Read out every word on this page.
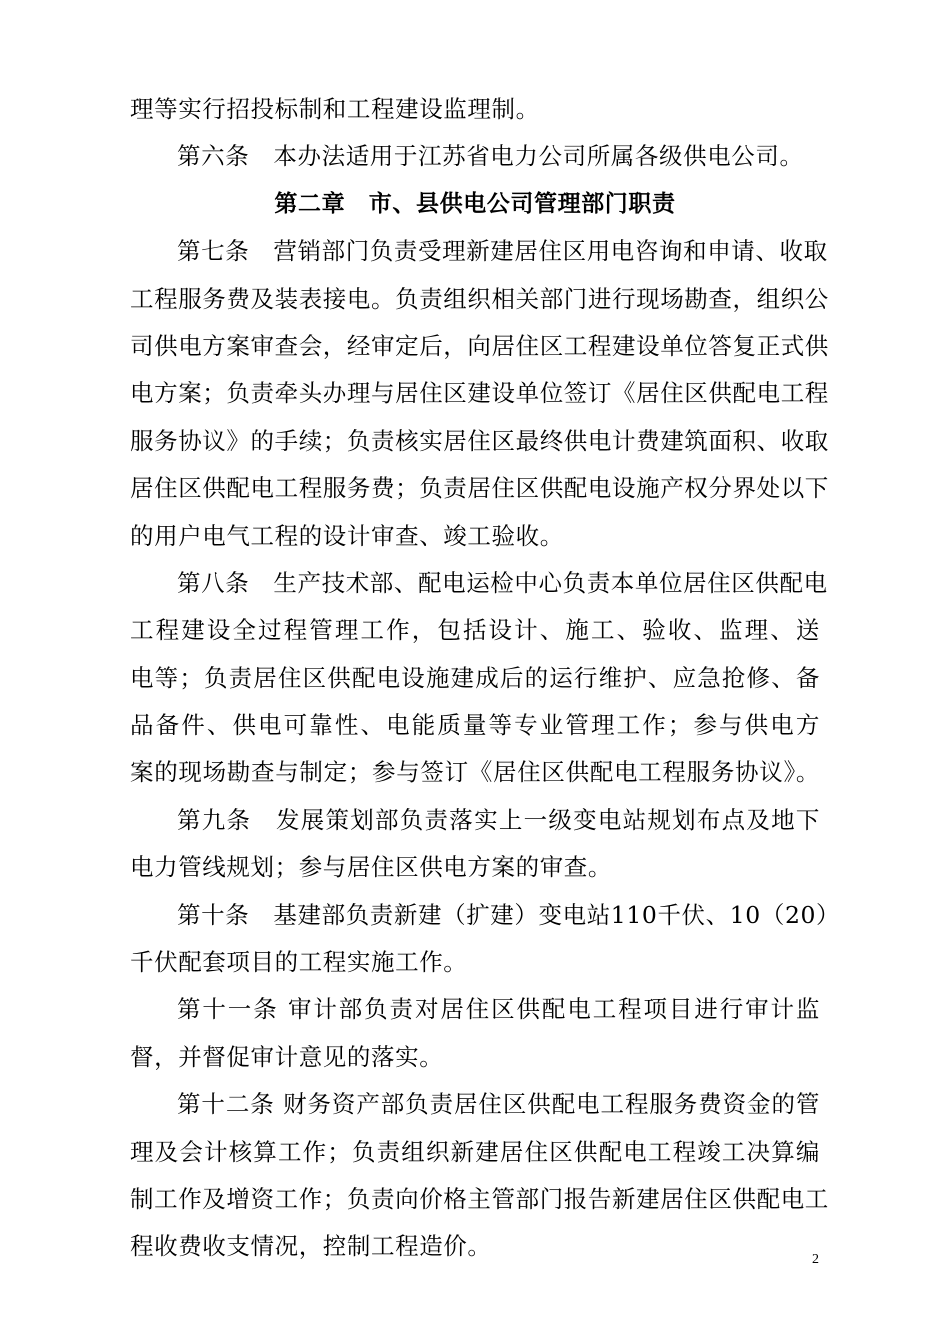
理等实行招投标制和工程建设监理制。
第六条　本办法适用于江苏省电力公司所属各级供电公司。
第二章　市、县供电公司管理部门职责
第七条　营销部门负责受理新建居住区用电咨询和申请、收取
工程服务费及装表接电。负责组织相关部门进行现场勘查，组织公
司供电方案审查会，经审定后，向居住区工程建设单位答复正式供
电方案；负责牵头办理与居住区建设单位签订《居住区供配电工程
服务协议》的手续；负责核实居住区最终供电计费建筑面积、收取
居住区供配电工程服务费；负责居住区供配电设施产权分界处以下
的用户电气工程的设计审查、竣工验收。
第八条　生产技术部、配电运检中心负责本单位居住区供配电
工程建设全过程管理工作，包括设计、施工、验收、监理、送
电等；负责居住区供配电设施建成后的运行维护、应急抢修、备
品备件、供电可靠性、电能质量等专业管理工作；参与供电方
案的现场勘查与制定；参与签订《居住区供配电工程服务协议》。
第九条　发展策划部负责落实上一级变电站规划布点及地下
电力管线规划；参与居住区供电方案的审查。
第十条　基建部负责新建（扩建）变电站110千伏、10（20）
千伏配套项目的工程实施工作。
第十一条 审计部负责对居住区供配电工程项目进行审计监
督，并督促审计意见的落实。
第十二条 财务资产部负责居住区供配电工程服务费资金的管
理及会计核算工作；负责组织新建居住区供配电工程竣工决算编
制工作及增资工作；负责向价格主管部门报告新建居住区供配电工
程收费收支情况，控制工程造价。	2
